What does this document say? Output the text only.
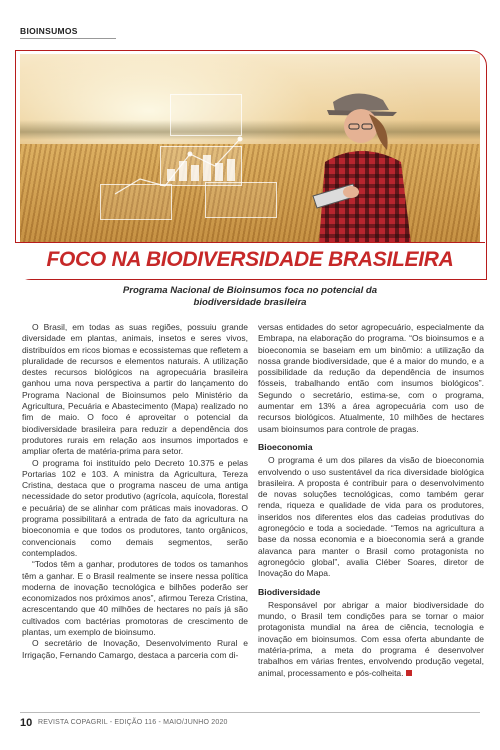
BIOINSUMOS
FOCO NA BIODIVERSIDADE BRASILEIRA
Programa Nacional de Bioinsumos foca no potencial da biodiversidade brasileira

O Brasil, em todas as suas regiões, possuiu grande diversidade em plantas, animais, insetos e seres vivos, distribuídos em ricos biomas e ecossistemas que refletem a pluralidade de recursos e elementos naturais. A utilização destes recursos biológicos na agropecuária brasileira ganhou uma nova perspectiva a partir do lançamento do Programa Nacional de Bioinsumos pelo Ministério da Agricultura, Pecuária e Abastecimento (Mapa) realizado no fim de maio. O foco é aproveitar o potencial da biodiversidade brasileira para reduzir a dependência dos produtores rurais em relação aos insumos importados e ampliar oferta de matéria-prima para setor.

O programa foi instituído pelo Decreto 10.375 e pelas Portarias 102 e 103. A ministra da Agricultura, Tereza Cristina, destaca que o programa nasceu de uma antiga necessidade do setor produtivo (agrícola, aquícola, florestal e pecuária) de se alinhar com práticas mais inovadoras. O programa possibilitará a entrada de fato da agricultura na bioeconomia e que todos os produtores, tanto orgânicos, convencionais como demais segmentos, serão contemplados.

“Todos têm a ganhar, produtores de todos os tamanhos têm a ganhar. E o Brasil realmente se insere nessa política moderna de inovação tecnológica e bilhões poderão ser economizados nos próximos anos”, afirmou Tereza Cristina, acrescentando que 40 milhões de hectares no país já são cultivados com bactérias promotoras de crescimento de plantas, um exemplo de bioinsumo.

O secretário de Inovação, Desenvolvimento Rural e Irrigação, Fernando Camargo, destaca a parceria com di-

versas entidades do setor agropecuário, especialmente da Embrapa, na elaboração do programa. “Os bioinsumos e a bioeconomia se baseiam em um binômio: a utilização da nossa grande biodiversidade, que é a maior do mundo, e a possibilidade da redução da dependência de insumos fósseis, trabalhando então com insumos biológicos”. Segundo o secretário, estima-se, com o programa, aumentar em 13% a área agropecuária com uso de recursos biológicos. Atualmente, 10 milhões de hectares usam bioinsumos para controle de pragas.

Bioeconomia

O programa é um dos pilares da visão de bioeconomia envolvendo o uso sustentável da rica diversidade biológica brasileira. A proposta é contribuir para o desenvolvimento de novas soluções tecnológicas, como também gerar renda, riqueza e qualidade de vida para os produtores, inseridos nos diferentes elos das cadeias produtivas do agronegócio e toda a sociedade. “Temos na agricultura a base da nossa economia e a bioeconomia será a grande alavanca para manter o Brasil como protagonista no agronegócio global”, avalia Cléber Soares, diretor de Inovação do Mapa.

Biodiversidade

Responsável por abrigar a maior biodiversidade do mundo, o Brasil tem condições para se tornar o maior protagonista mundial na área de ciência, tecnologia e inovação em bioinsumos. Com essa oferta abundante de matéria-prima, a meta do programa é desenvolver trabalhos em várias frentes, envolvendo produção vegetal, animal, processamento e pós-colheita.

10 REVISTA COPAGRIL - EDIÇÃO 116 - MAIO/JUNHO 2020
